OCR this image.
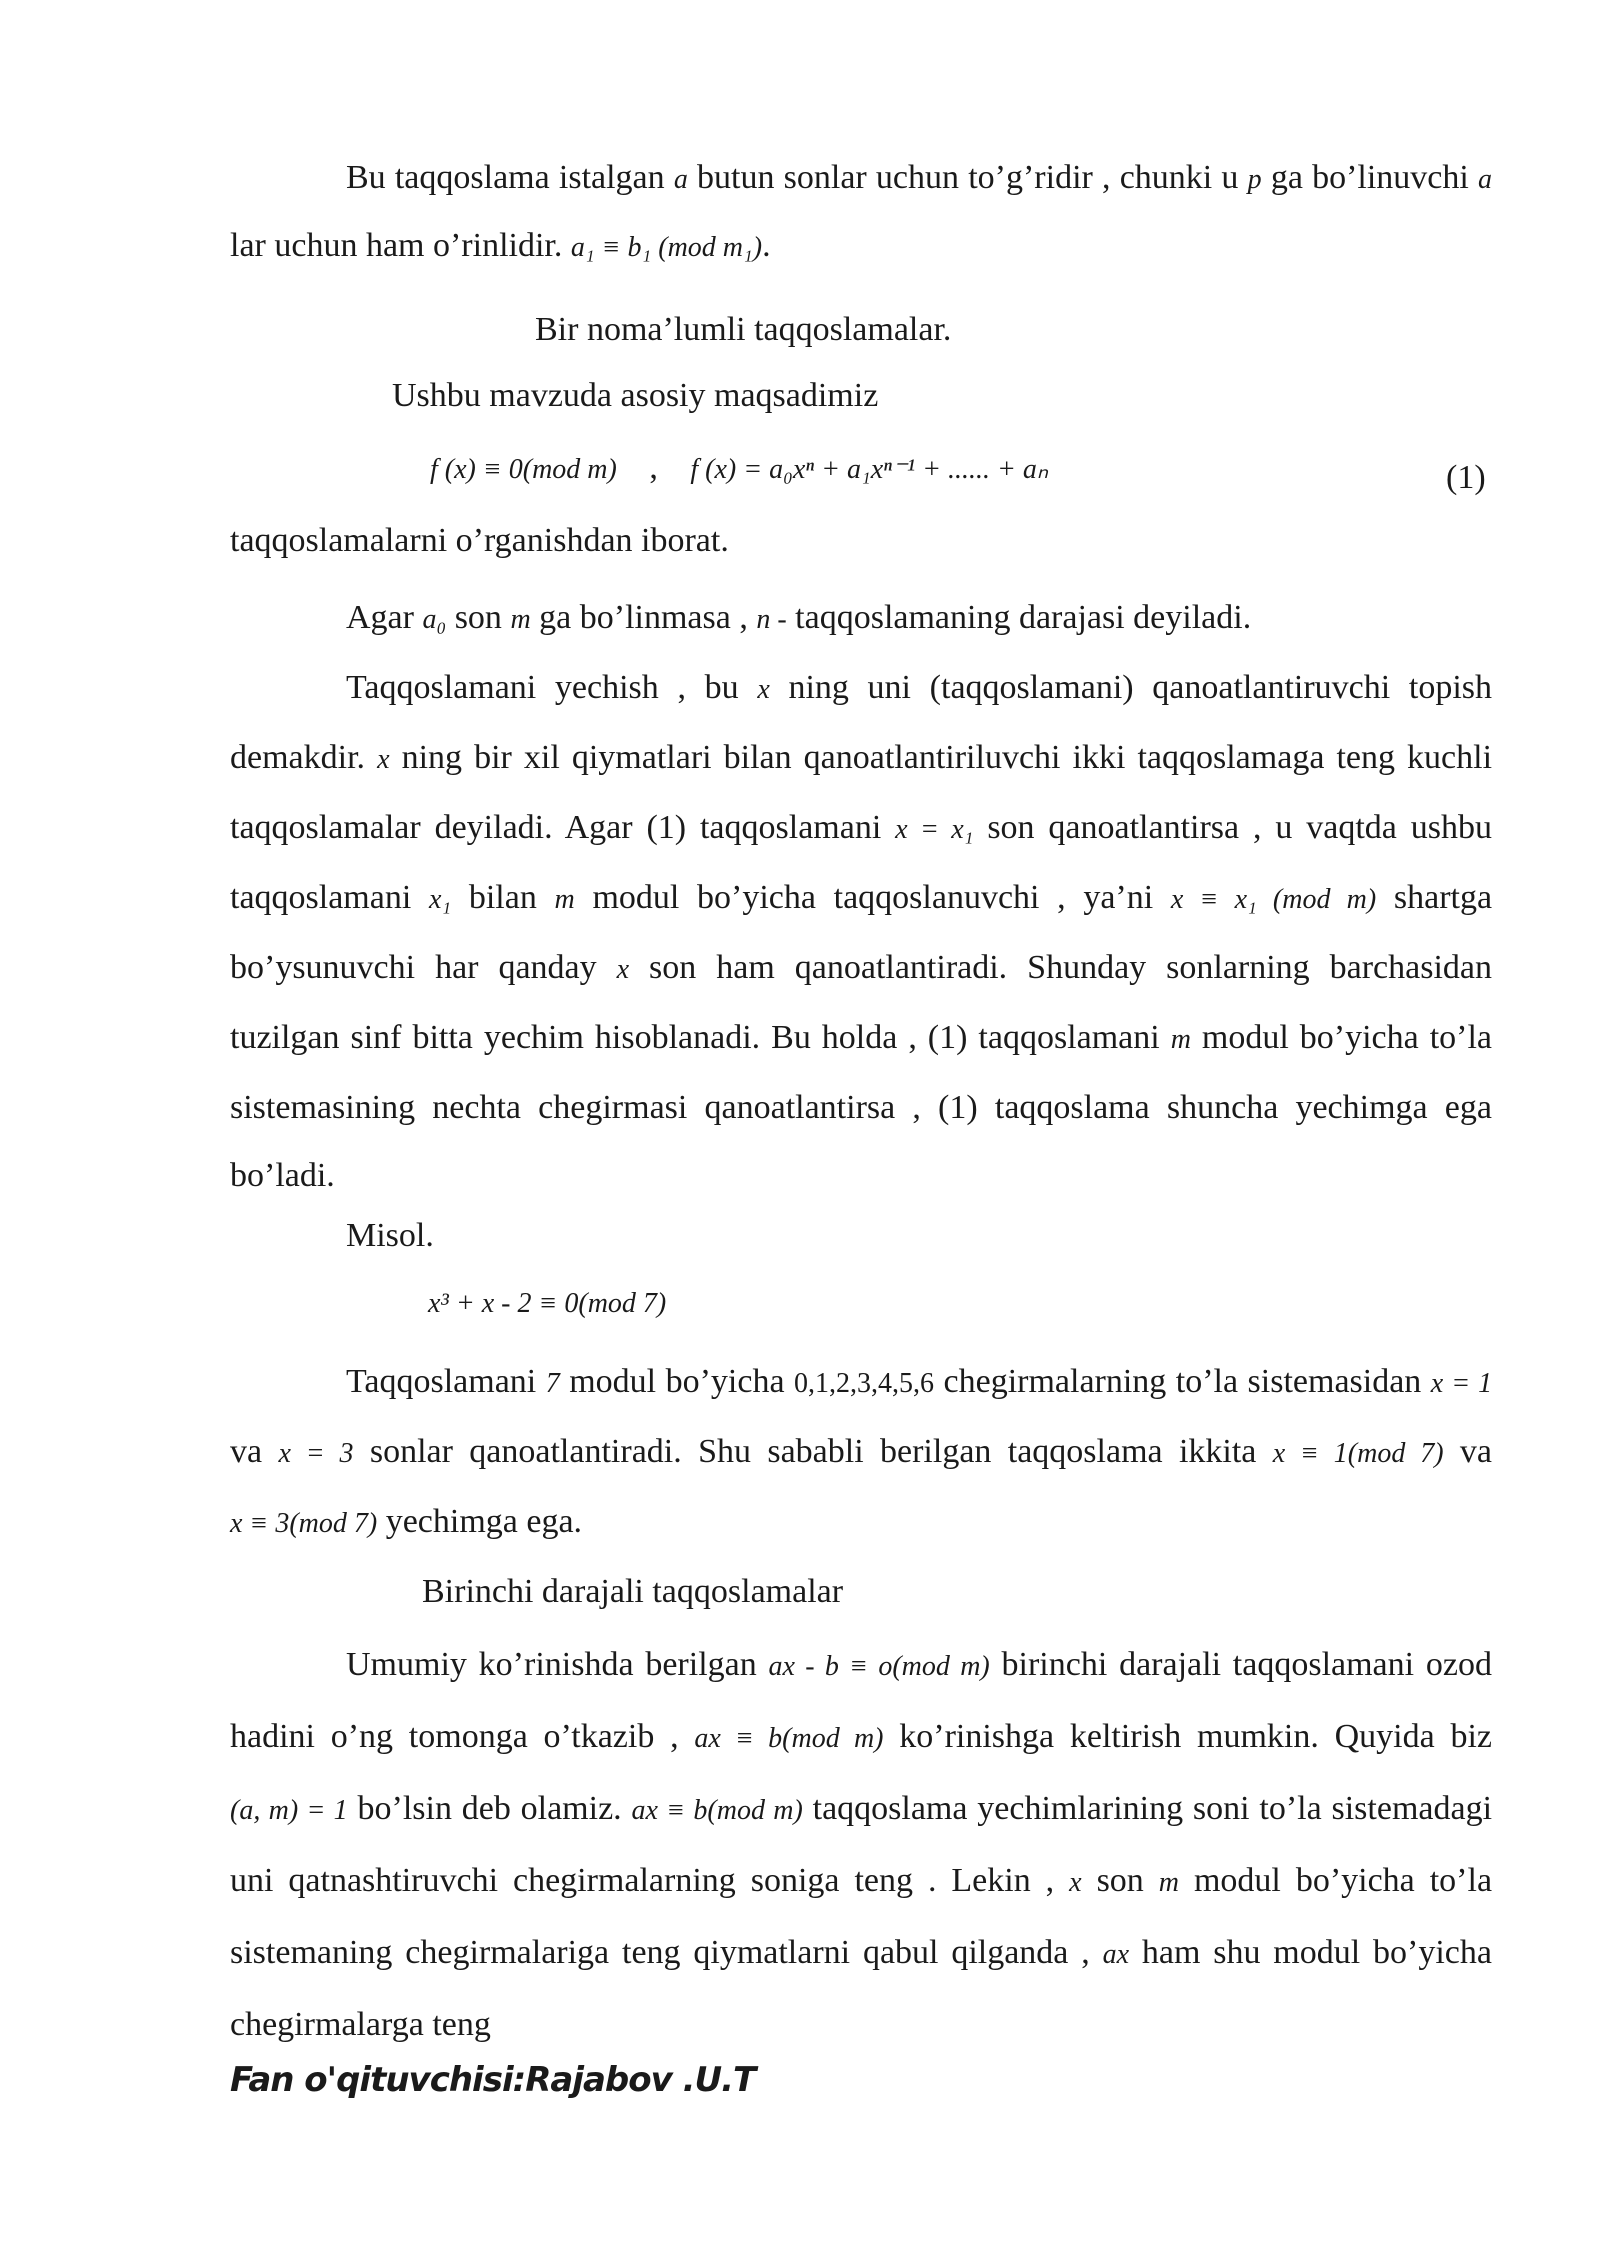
Bu taqqoslama istalgan a butun sonlar uchun to’g’ridir , chunki u p ga bo’linuvchi a lar uchun ham o’rinlidir. a₁ ≡ b₁ (mod m₁).

Bir noma’lumli taqqoslamalar.
Ushbu mavzuda asosiy maqsadimiz
f (x) ≡ 0(mod m) , f (x) = a₀xⁿ + a₁xⁿ⁻¹ + ...... + aₙ	(1)
taqqoslamalarni o’rganishdan iborat.
Agar a₀ son m ga bo’linmasa , n - taqqoslamaning darajasi deyiladi.

Taqqoslamani yechish , bu x ning uni (taqqoslamani) qanoatlantiruvchi topish demakdir. x ning bir xil qiymatlari bilan qanoatlantiriluvchi ikki taqqoslamaga teng kuchli taqqoslamalar deyiladi. Agar (1) taqqoslamani x = x₁ son qanoatlantirsa , u vaqtda ushbu taqqoslamani x₁ bilan m modul bo’yicha taqqoslanuvchi , ya’ni x ≡ x₁ (mod m) shartga bo’ysunuvchi har qanday x son ham qanoatlantiradi. Shunday sonlarning barchasidan tuzilgan sinf bitta yechim hisoblanadi. Bu holda , (1) taqqoslamani m modul bo’yicha to’la sistemasining nechta chegirmasi qanoatlantirsa , (1) taqqoslama shuncha yechimga ega bo’ladi.

Misol.
x³ + x - 2 ≡ 0(mod 7)

Taqqoslamani 7 modul bo’yicha 0,1,2,3,4,5,6 chegirmalarning to’la sistemasidan x = 1 va x = 3 sonlar qanoatlantiradi. Shu sababli berilgan taqqoslama ikkita x ≡ 1(mod 7) va x ≡ 3(mod 7) yechimga ega.

Birinchi darajali taqqoslamalar

Umumiy ko’rinishda berilgan ax - b ≡ o(mod m) birinchi darajali taqqoslamani ozod hadini o’ng tomonga o’tkazib , ax ≡ b(mod m) ko’rinishga keltirish mumkin. Quyida biz (a, m) = 1 bo’lsin deb olamiz. ax ≡ b(mod m) taqqoslama yechimlarining soni to’la sistemadagi uni qatnashtiruvchi chegirmalarning soniga teng . Lekin , x son m modul bo’yicha to’la sistemaning chegirmalariga teng qiymatlarni qabul qilganda , ax ham shu modul bo’yicha chegirmalarga teng

Fan o'qituvchisi:Rajabov .U.T
